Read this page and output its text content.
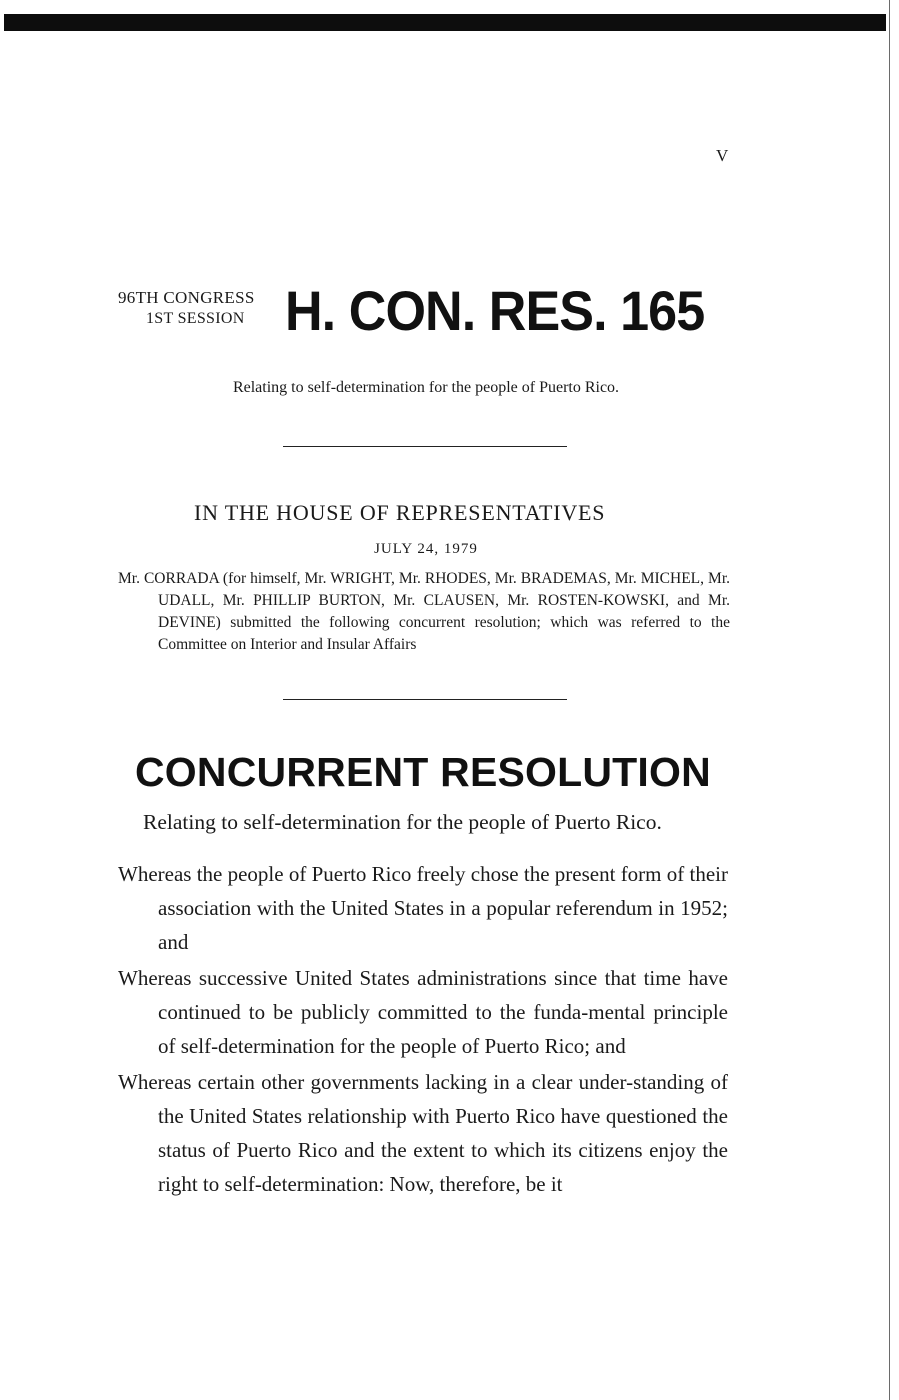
V
96TH CONGRESS
1ST SESSION H. CON. RES. 165
Relating to self-determination for the people of Puerto Rico.
IN THE HOUSE OF REPRESENTATIVES
JULY 24, 1979
Mr. CORRADA (for himself, Mr. WRIGHT, Mr. RHODES, Mr. BRADEMAS, Mr. MICHEL, Mr. UDALL, Mr. PHILLIP BURTON, Mr. CLAUSEN, Mr. ROSTEN-KOWSKI, and Mr. DEVINE) submitted the following concurrent resolution; which was referred to the Committee on Interior and Insular Affairs
CONCURRENT RESOLUTION
Relating to self-determination for the people of Puerto Rico.

Whereas the people of Puerto Rico freely chose the present form of their association with the United States in a popular referendum in 1952; and

Whereas successive United States administrations since that time have continued to be publicly committed to the funda-mental principle of self-determination for the people of Puerto Rico; and

Whereas certain other governments lacking in a clear under-standing of the United States relationship with Puerto Rico have questioned the status of Puerto Rico and the extent to which its citizens enjoy the right to self-determination: Now, therefore, be it
